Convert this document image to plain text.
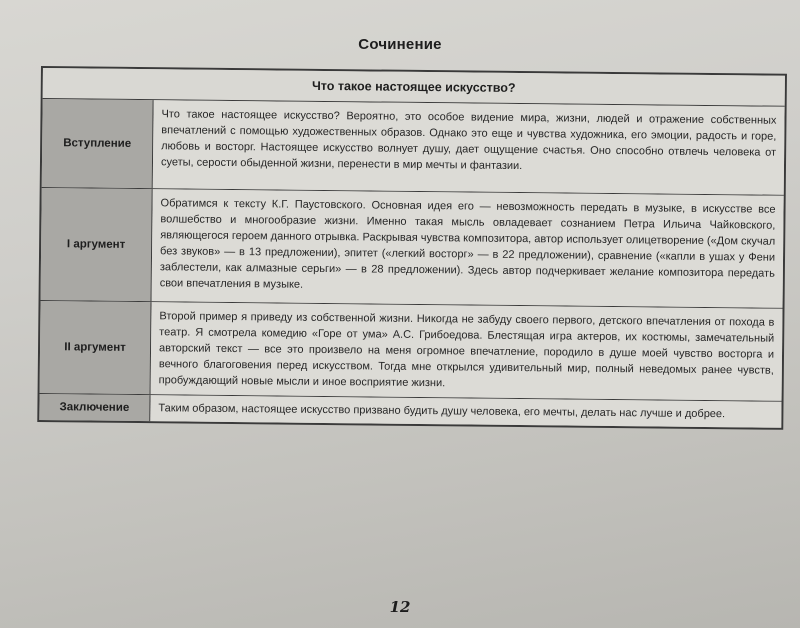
Сочинение
Что такое настоящее искусство?
Вступление
Что такое настоящее искусство? Вероятно, это особое видение мира, жизни, людей и отражение собственных впечатлений с помощью художественных образов. Однако это еще и чувства художника, его эмоции, радость и горе, любовь и восторг. Настоящее искусство волнует душу, дает ощущение счастья. Оно способно отвлечь человека от суеты, серости обыденной жизни, перенести в мир мечты и фантазии.
I аргумент
Обратимся к тексту К.Г. Паустовского. Основная идея его — невозможность передать в музыке, в искусстве все волшебство и многообразие жизни. Именно такая мысль овладевает сознанием Петра Ильича Чайковского, являющегося героем данного отрывка. Раскрывая чувства композитора, автор использует олицетворение («Дом скучал без звуков» — в 13 предложении), эпитет («легкий восторг» — в 22 предложении), сравнение («капли в ушах у Фени заблестели, как алмазные серьги» — в 28 предложении). Здесь автор подчеркивает желание композитора передать свои впечатления в музыке.
II аргумент
Второй пример я приведу из собственной жизни. Никогда не забуду своего первого, детского впечатления от похода в театр. Я смотрела комедию «Горе от ума» А.С. Грибоедова. Блестящая игра актеров, их костюмы, замечательный авторский текст — все это произвело на меня огромное впечатление, породило в душе моей чувство восторга и вечного благоговения перед искусством. Тогда мне открылся удивительный мир, полный неведомых ранее чувств, пробуждающий новые мысли и иное восприятие жизни.
Заключение	Таким образом, настоящее искусство призвано будить душу человека, его мечты, делать нас лучше и добрее.
12
